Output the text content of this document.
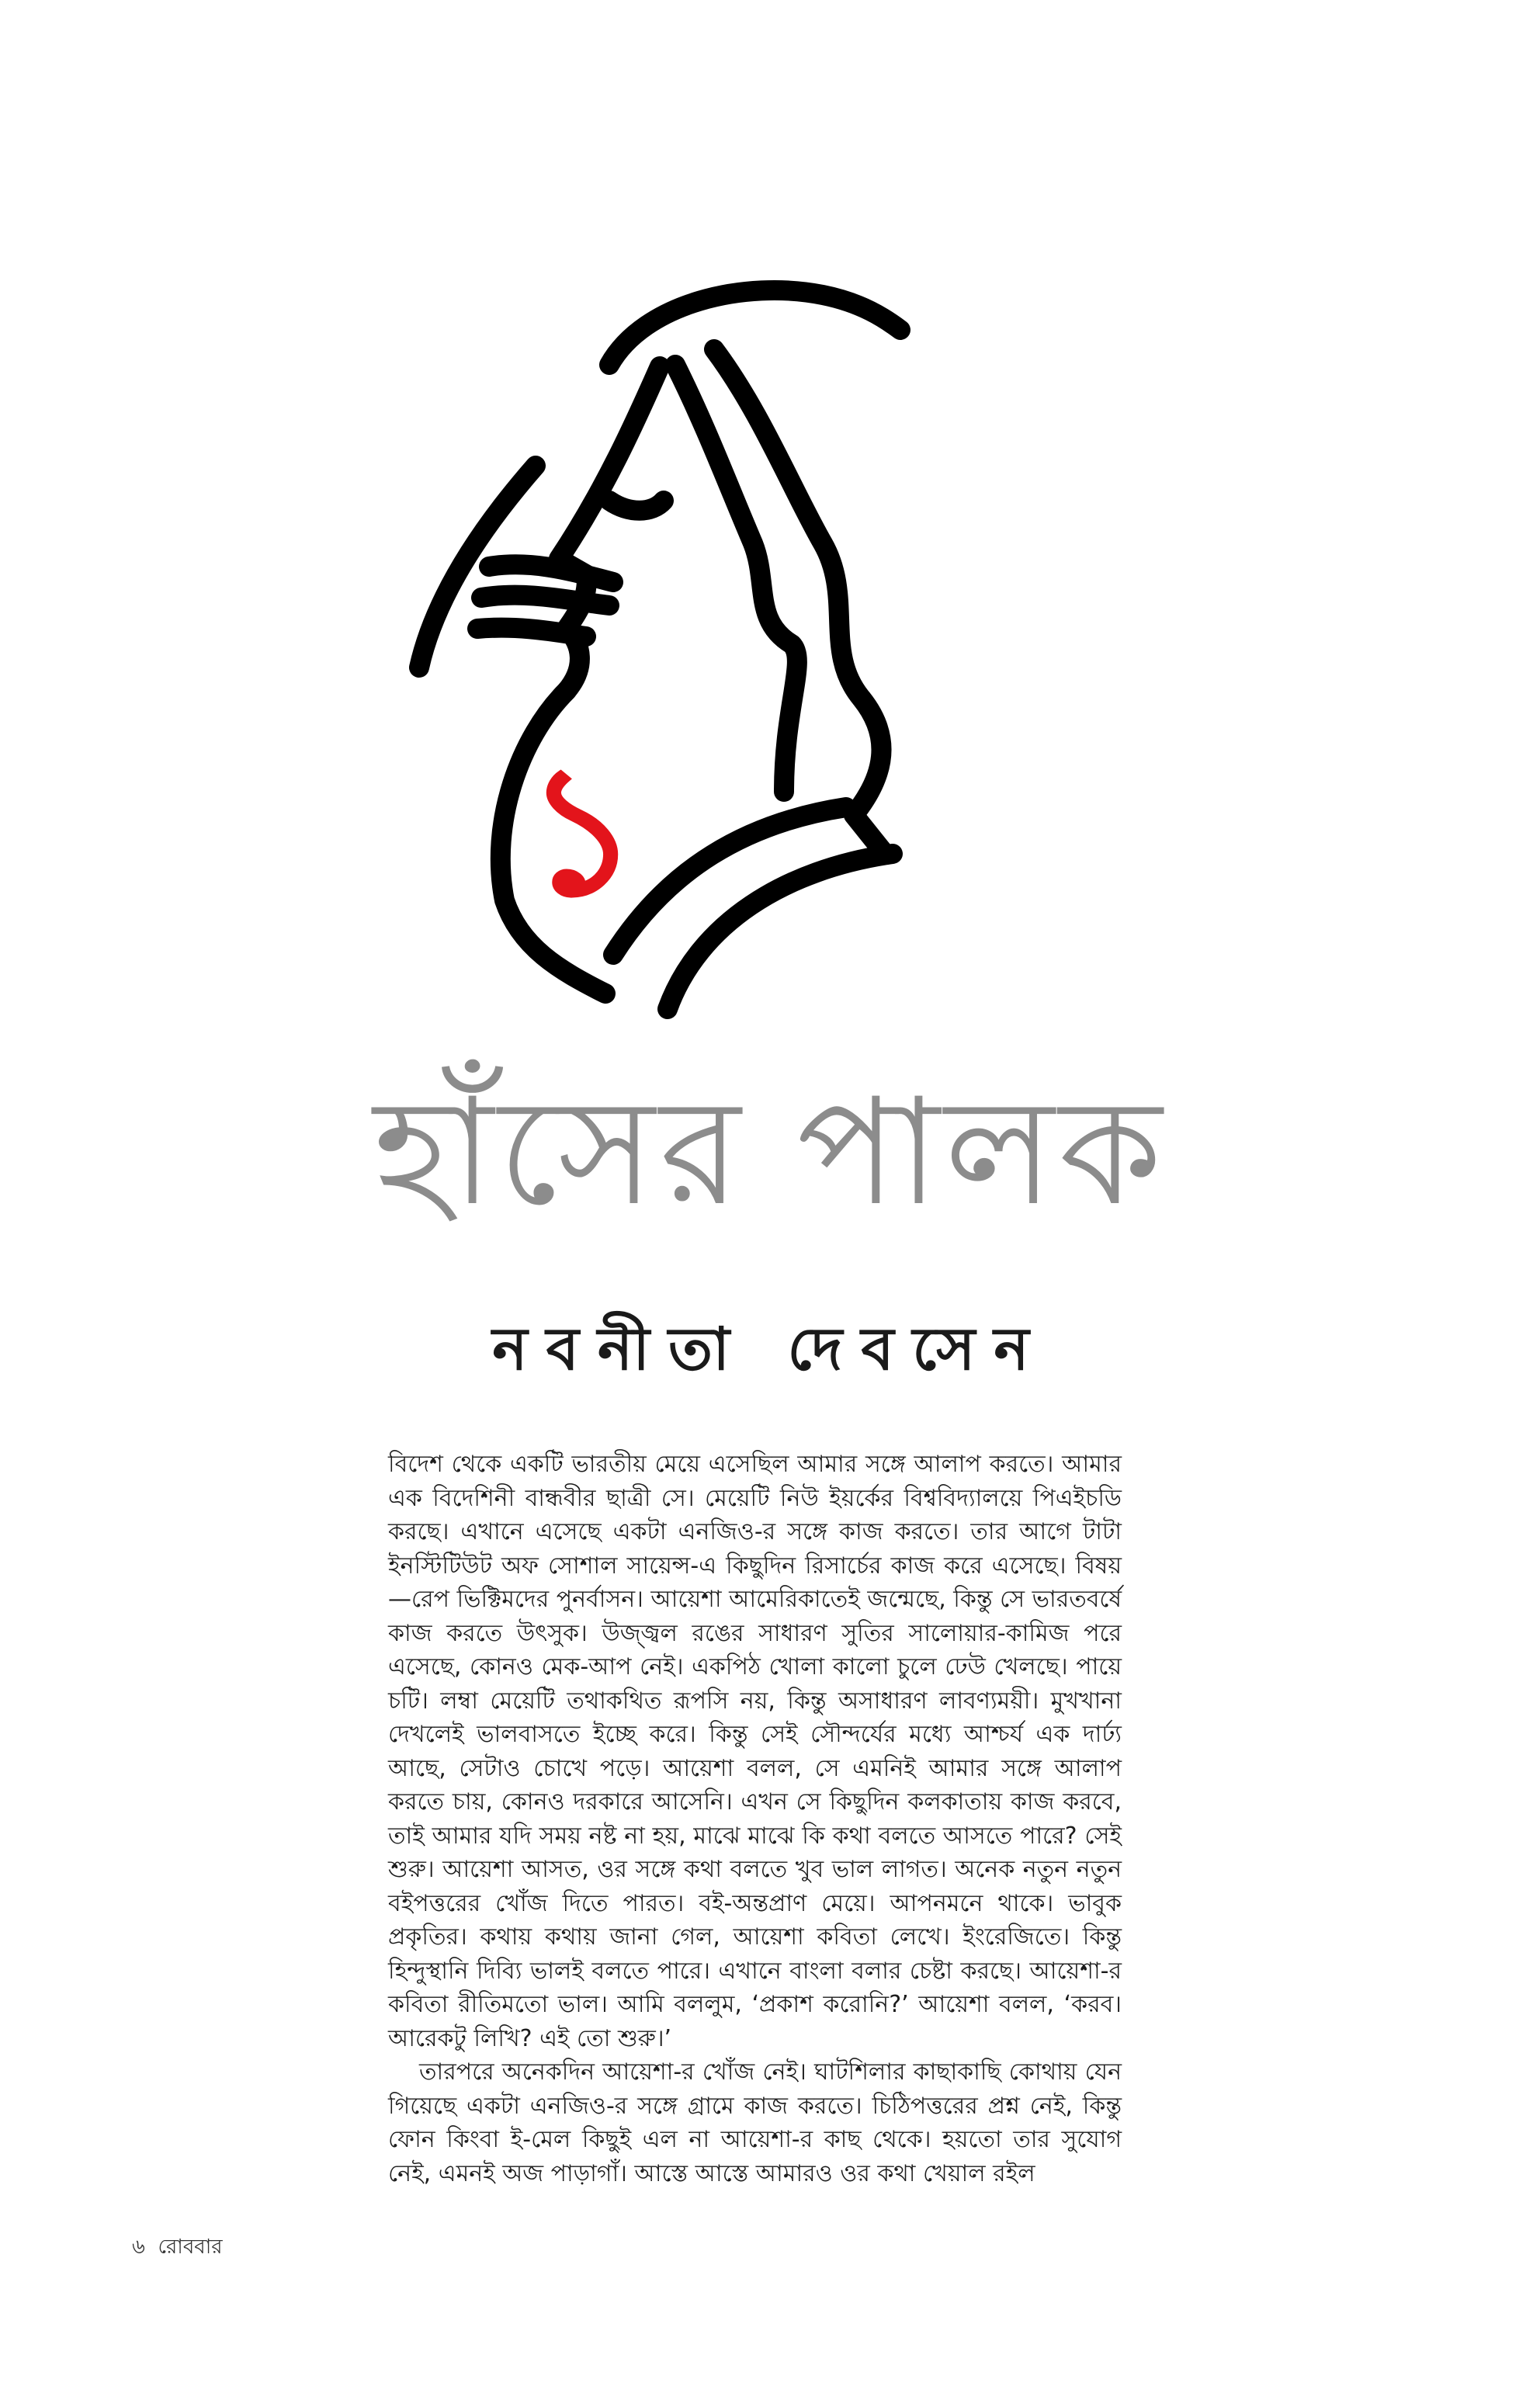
১
হাঁসের পালক
নবনীতা দেবসেন

বিদেশ থেকে একটি ভারতীয় মেয়ে এসেছিল আমার সঙ্গে আলাপ করতে। আমার এক বিদেশিনী বান্ধবীর ছাত্রী সে। মেয়েটি নিউ ইয়র্কের বিশ্ববিদ্যালয়ে পিএইচডি করছে। এখানে এসেছে একটা এনজিও-র সঙ্গে কাজ করতে। তার আগে টাটা ইনস্টিটিউট অফ সোশাল সায়েন্স-এ কিছুদিন রিসার্চের কাজ করে এসেছে। বিষয়—রেপ ভিক্টিমদের পুনর্বাসন। আয়েশা আমেরিকাতেই জন্মেছে, কিন্তু সে ভারতবর্ষে কাজ করতে উৎসুক। উজ্জ্বল রঙের সাধারণ সুতির সালোয়ার-কামিজ পরে এসেছে, কোনও মেক-আপ নেই। একপিঠ খোলা কালো চুলে ঢেউ খেলছে। পায়ে চটি। লম্বা মেয়েটি তথাকথিত রূপসি নয়, কিন্তু অসাধারণ লাবণ্যময়ী। মুখখানা দেখলেই ভালবাসতে ইচ্ছে করে। কিন্তু সেই সৌন্দর্যের মধ্যে আশ্চর্য এক দার্ঢ্য আছে, সেটাও চোখে পড়ে। আয়েশা বলল, সে এমনিই আমার সঙ্গে আলাপ করতে চায়, কোনও দরকারে আসেনি। এখন সে কিছুদিন কলকাতায় কাজ করবে, তাই আমার যদি সময় নষ্ট না হয়, মাঝে মাঝে কি কথা বলতে আসতে পারে? সেই শুরু। আয়েশা আসত, ওর সঙ্গে কথা বলতে খুব ভাল লাগত। অনেক নতুন নতুন বইপত্তরের খোঁজ দিতে পারত। বই-অন্তপ্রাণ মেয়ে। আপনমনে থাকে। ভাবুক প্রকৃতির। কথায় কথায় জানা গেল, আয়েশা কবিতা লেখে। ইংরেজিতে। কিন্তু হিন্দুস্থানি দিব্যি ভালই বলতে পারে। এখানে বাংলা বলার চেষ্টা করছে। আয়েশা-র কবিতা রীতিমতো ভাল। আমি বললুম, ‘প্রকাশ করোনি?’ আয়েশা বলল, ‘করব। আরেকটু লিখি? এই তো শুরু।’

তারপরে অনেকদিন আয়েশা-র খোঁজ নেই। ঘাটশিলার কাছাকাছি কোথায় যেন গিয়েছে একটা এনজিও-র সঙ্গে গ্রামে কাজ করতে। চিঠিপত্তরের প্রশ্ন নেই, কিন্তু ফোন কিংবা ই-মেল কিছুই এল না আয়েশা-র কাছ থেকে। হয়তো তার সুযোগ নেই, এমনই অজ পাড়াগাঁ। আস্তে আস্তে আমারও ওর কথা খেয়াল রইল

৬ রোববার
